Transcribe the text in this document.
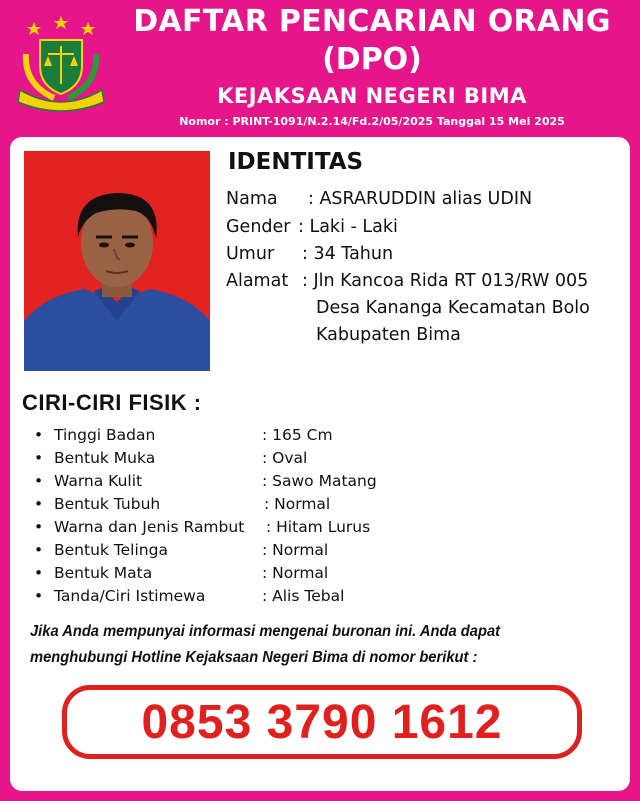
DAFTAR PENCARIAN ORANG
(DPO)
KEJAKSAAN NEGERI BIMA
Nomor : PRINT-1091/N.2.14/Fd.2/05/2025 Tanggal 15 Mei 2025
IDENTITAS
Nama : ASRARUDDIN alias UDIN
Gender : Laki - Laki
Umur : 34 Tahun
Alamat : Jln Kancoa Rida RT 013/RW 005
Desa Kananga Kecamatan Bolo
Kabupaten Bima
CIRI-CIRI FISIK :
• Tinggi Badan	: 165 Cm
• Bentuk Muka	: Oval
• Warna Kulit	: Sawo Matang
• Bentuk Tubuh	: Normal
• Warna dan Jenis Rambut : Hitam Lurus
• Bentuk Telinga	: Normal
• Bentuk Mata	: Normal
• Tanda/Ciri Istimewa	: Alis Tebal
Jika Anda mempunyai informasi mengenai buronan ini. Anda dapat
menghubungi Hotline Kejaksaan Negeri Bima di nomor berikut :
0853 3790 1612
